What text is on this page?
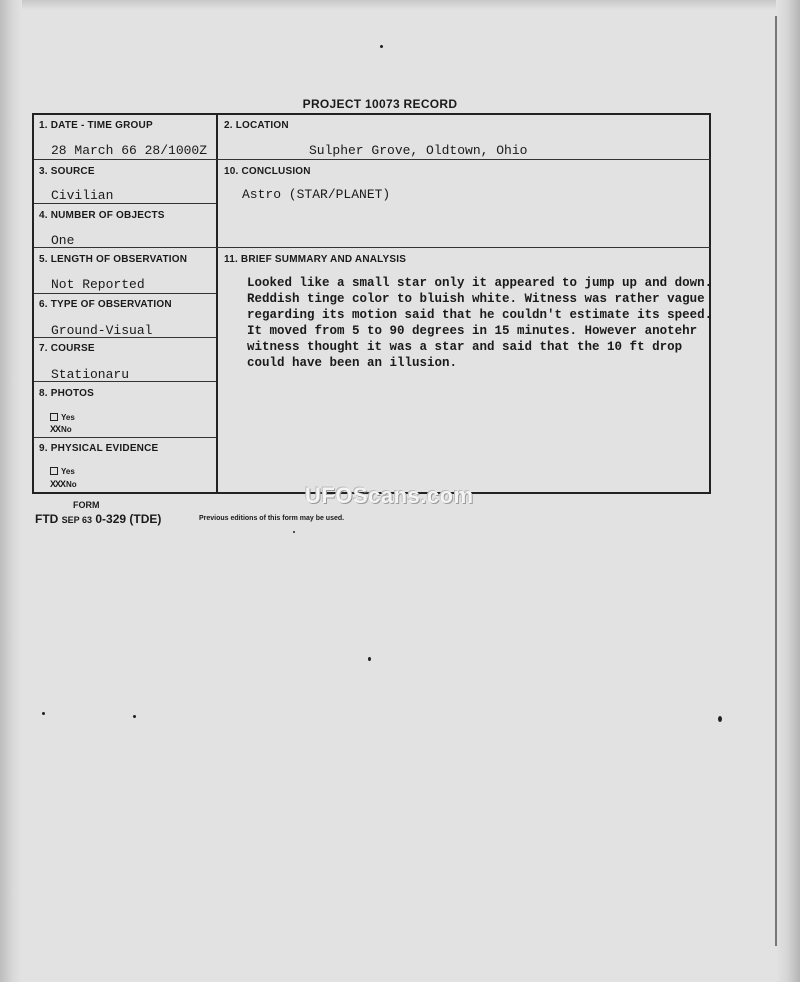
PROJECT 10073 RECORD
1. DATE - TIME GROUP
28 March 66 28/1000Z
2. LOCATION
Sulpher Grove, Oldtown, Ohio
3. SOURCE
Civilian
10. CONCLUSION
Astro (STAR/PLANET)
4. NUMBER OF OBJECTS
One
5. LENGTH OF OBSERVATION
Not Reported
11. BRIEF SUMMARY AND ANALYSIS

Looked like a small star only it appeared to jump up and down.

Reddish tinge color to bluish white. Witness was rather vague

regarding its motion said that he couldn't estimate its speed.

It moved from 5 to 90 degrees in 15 minutes. However anotehr

witness thought it was a star and said that the 10 ft drop

could have been an illusion.

6. TYPE OF OBSERVATION
Ground-Visual
7. COURSE
Stationaru
8. PHOTOS
Yes
XXNo
9. PHYSICAL EVIDENCE
Yes
XXXNo
FORM
FTD SEP 63 0-329 (TDE)	Previous editions of this form may be used.
UFOScans.com
